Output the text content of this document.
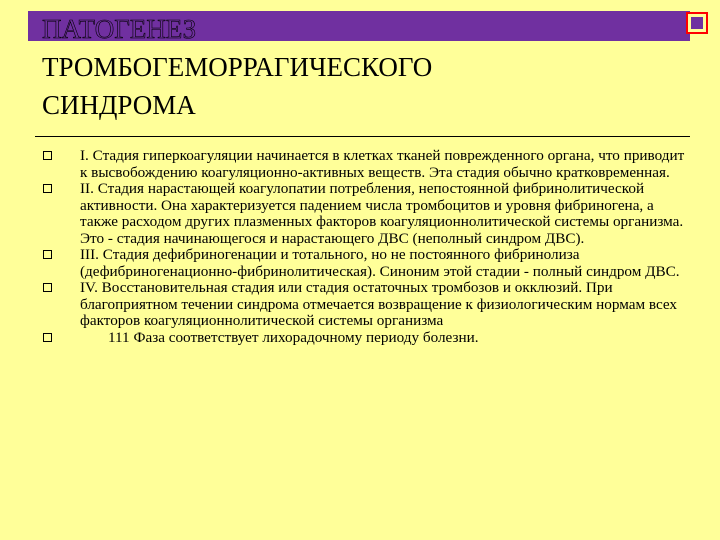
ПАТОГЕНЕЗ
ТРОМБОГЕМОРРАГИЧЕСКОГО
СИНДРОМА
I. Стадия гиперкоагуляции начинается в клетках тканей поврежденного органа, что приводит к высвобождению коагуляционно-активных веществ. Эта стадия обычно кратковременная.
II. Стадия нарастающей коагулопатии потребления, непостоянной фибринолитической активности. Она характеризуется падением числа тромбоцитов и уровня фибриногена, а также расходом других плазменных факторов коагуляционнолитической системы организма. Это - стадия начинающегося и нарастающего ДВС (неполный синдром ДВС).
III. Стадия дефибриногенации и тотального, но не постоянного фибринолиза (дефибриногенационно-фибринолитическая). Синоним этой стадии - полный синдром ДВС.
IV. Восстановительная стадия или стадия остаточных тромбозов и окклюзий. При благоприятном течении синдрома отмечается возвращение к физиологическим нормам всех факторов коагуляционнолитической системы организма
111 Фаза соответствует лихорадочному периоду болезни.
